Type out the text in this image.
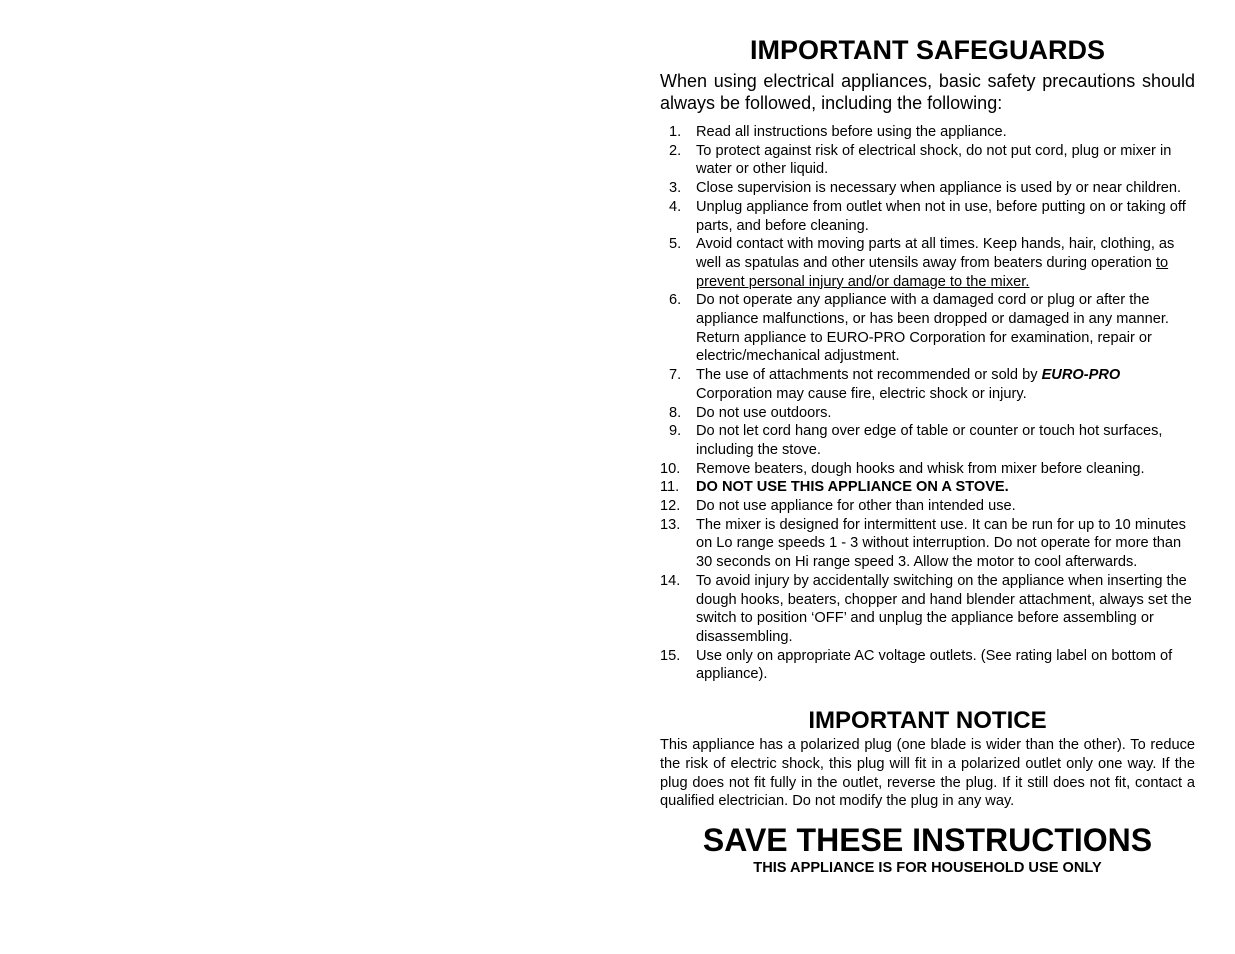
IMPORTANT SAFEGUARDS

When using electrical appliances, basic safety precautions should always be followed, including the following:

1.	Read all instructions before using the appliance.
2.	To protect against risk of electrical shock, do not put cord, plug or mixer in water or other liquid.
3.	Close supervision is necessary when appliance is used by or near children.
4.	Unplug appliance from outlet when not in use, before putting on or taking off parts, and before cleaning.
5.	Avoid contact with moving parts at all times. Keep hands, hair, clothing, as well as spatulas and other utensils away from beaters during operation to prevent personal injury and/or damage to the mixer.
6.	Do not operate any appliance with a damaged cord or plug or after the appliance malfunctions, or has been dropped or damaged in any manner. Return appliance to EURO-PRO Corporation for examination, repair or electric/mechanical adjustment.
7.	The use of attachments not recommended or sold by EURO-PRO Corporation may cause fire, electric shock or injury.
8.	Do not use outdoors.
9.	Do not let cord hang over edge of table or counter or touch hot surfaces, including the stove.
10.	Remove beaters, dough hooks and whisk from mixer before cleaning.
11.	DO NOT USE THIS APPLIANCE ON A STOVE.
12.	Do not use appliance for other than intended use.
13.	The mixer is designed for intermittent use. It can be run for up to 10 minutes on Lo range speeds 1 - 3 without interruption. Do not operate for more than 30 seconds on Hi range speed 3. Allow the motor to cool afterwards.
14.	To avoid injury by accidentally switching on the appliance when inserting the dough hooks, beaters, chopper and hand blender attachment, always set the switch to position ‘OFF’ and unplug the appliance before assembling or disassembling.
15.	Use only on appropriate AC voltage outlets. (See rating label on bottom of appliance).
IMPORTANT NOTICE

This appliance has a polarized plug (one blade is wider than the other). To reduce the risk of electric shock, this plug will fit in a polarized outlet only one way. If the plug does not fit fully in the outlet, reverse the plug. If it still does not fit, contact a qualified electrician. Do not modify the plug in any way.

SAVE THESE INSTRUCTIONS
THIS APPLIANCE IS FOR HOUSEHOLD USE ONLY
